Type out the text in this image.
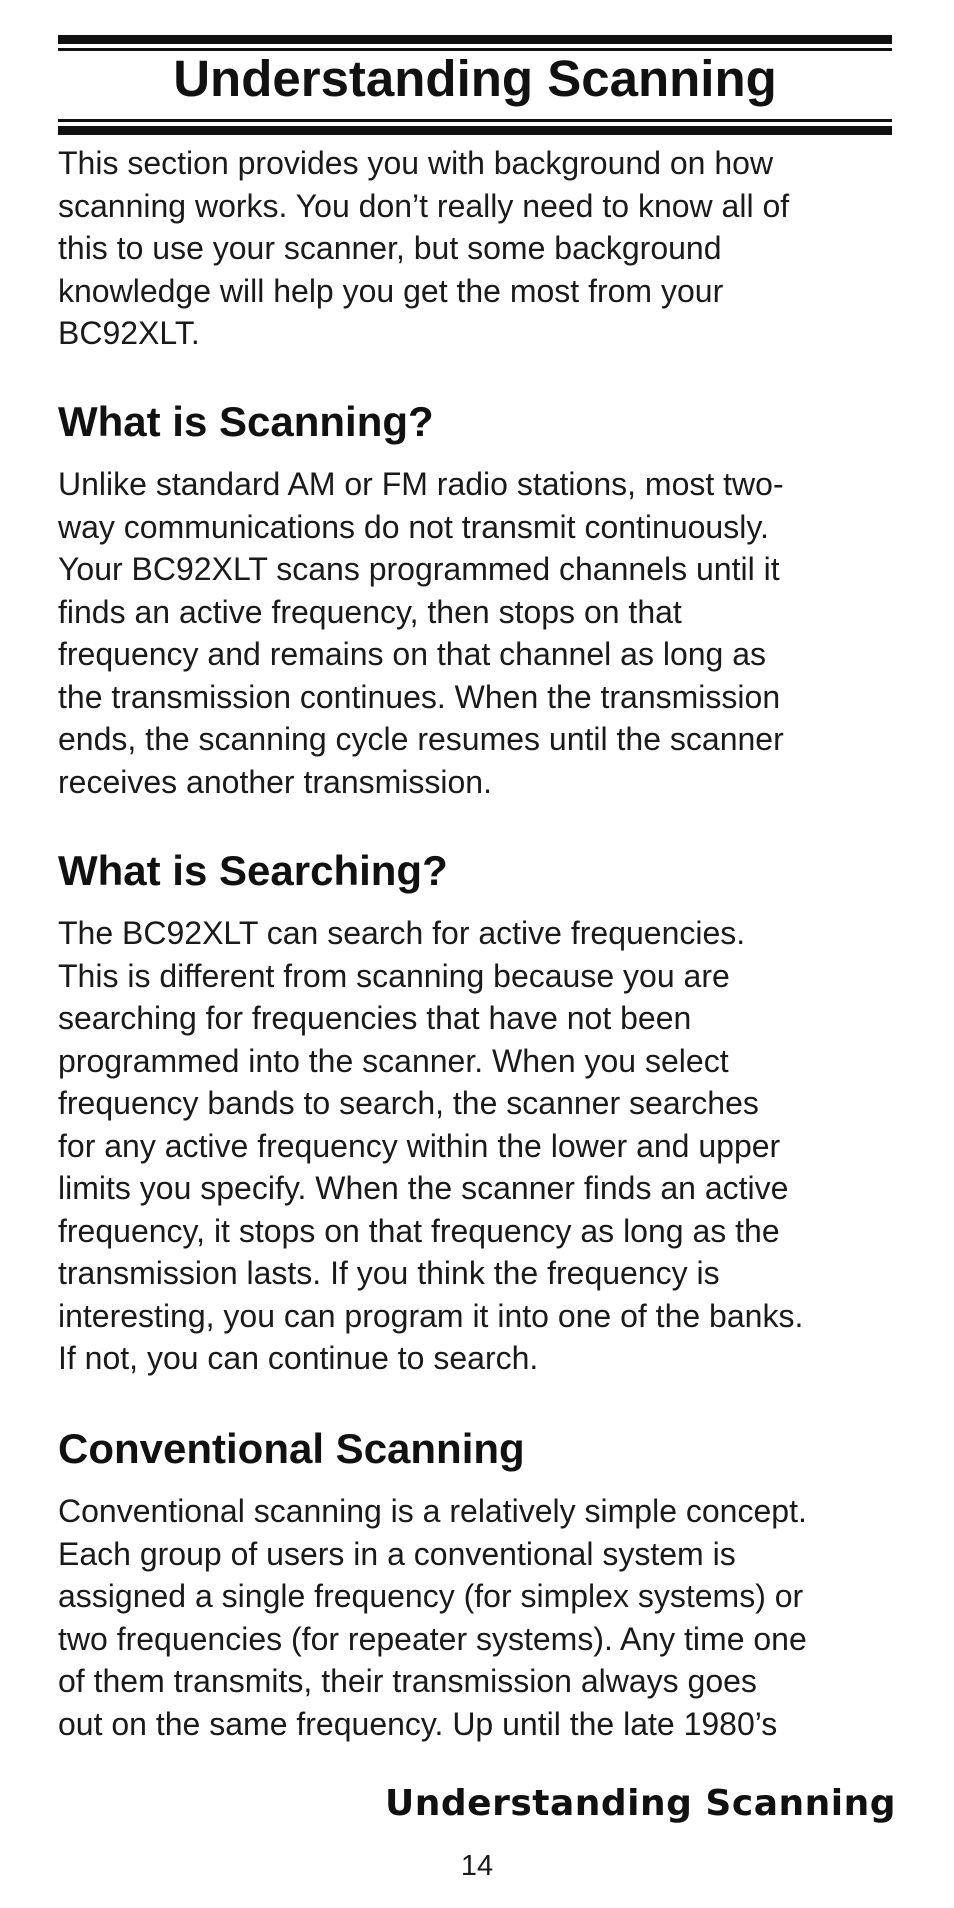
Understanding Scanning
This section provides you with background on how
scanning works. You don’t really need to know all of
this to use your scanner, but some background
knowledge will help you get the most from your
BC92XLT.
What is Scanning?
Unlike standard AM or FM radio stations, most two-
way communications do not transmit continuously.
Your BC92XLT scans programmed channels until it
finds an active frequency, then stops on that
frequency and remains on that channel as long as
the transmission continues. When the transmission
ends, the scanning cycle resumes until the scanner
receives another transmission.
What is Searching?
The BC92XLT can search for active frequencies.
This is different from scanning because you are
searching for frequencies that have not been
programmed into the scanner. When you select
frequency bands to search, the scanner searches
for any active frequency within the lower and upper
limits you specify. When the scanner finds an active
frequency, it stops on that frequency as long as the
transmission lasts. If you think the frequency is
interesting, you can program it into one of the banks.
If not, you can continue to search.
Conventional Scanning
Conventional scanning is a relatively simple concept.
Each group of users in a conventional system is
assigned a single frequency (for simplex systems) or
two frequencies (for repeater systems). Any time one
of them transmits, their transmission always goes
out on the same frequency. Up until the late 1980’s
Understanding Scanning
14
